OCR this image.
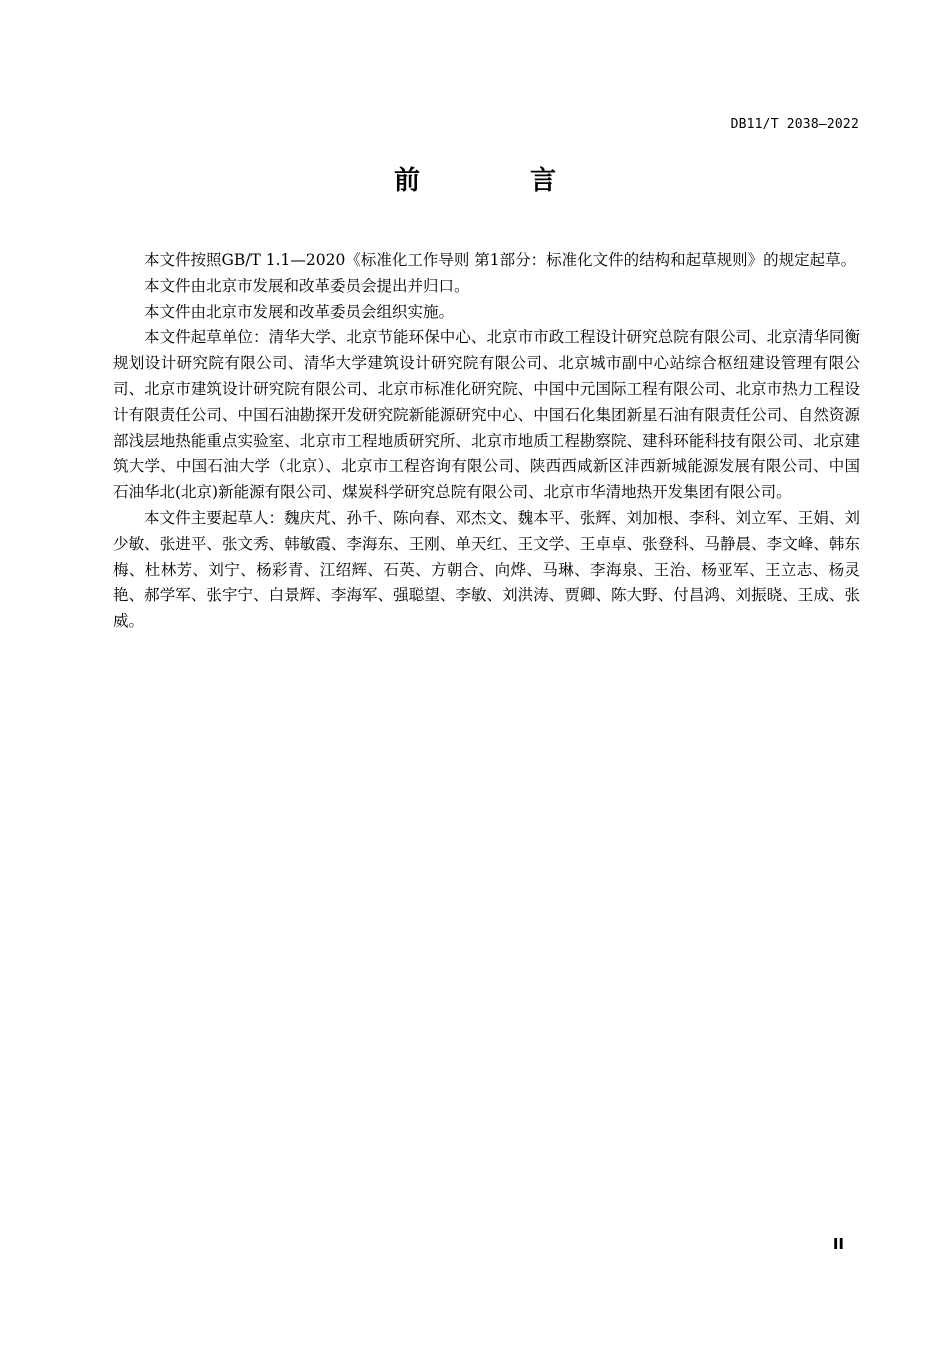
DB11/T 2038—2022
前　言

本文件按照GB/T 1.1—2020《标准化工作导则 第1部分：标准化文件的结构和起草规则》的规定起草。

本文件由北京市发展和改革委员会提出并归口。

本文件由北京市发展和改革委员会组织实施。

本文件起草单位：清华大学、北京节能环保中心、北京市市政工程设计研究总院有限公司、北京清华同衡规划设计研究院有限公司、清华大学建筑设计研究院有限公司、北京城市副中心站综合枢纽建设管理有限公司、北京市建筑设计研究院有限公司、北京市标准化研究院、中国中元国际工程有限公司、北京市热力工程设计有限责任公司、中国石油勘探开发研究院新能源研究中心、中国石化集团新星石油有限责任公司、自然资源部浅层地热能重点实验室、北京市工程地质研究所、北京市地质工程勘察院、建科环能科技有限公司、北京建筑大学、中国石油大学（北京）、北京市工程咨询有限公司、陕西西咸新区沣西新城能源发展有限公司、中国石油华北(北京)新能源有限公司、煤炭科学研究总院有限公司、北京市华清地热开发集团有限公司。

本文件主要起草人：魏庆芃、孙千、陈向春、邓杰文、魏本平、张辉、刘加根、李科、刘立军、王娟、刘少敏、张进平、张文秀、韩敏霞、李海东、王刚、单天红、王文学、王卓卓、张登科、马静晨、李文峰、韩东梅、杜林芳、刘宁、杨彩青、江绍辉、石英、方朝合、向烨、马琳、李海泉、王治、杨亚军、王立志、杨灵艳、郝学军、张宇宁、白景辉、李海军、强聪望、李敏、刘洪涛、贾卿、陈大野、付昌鸿、刘振晓、王成、张威。

II
